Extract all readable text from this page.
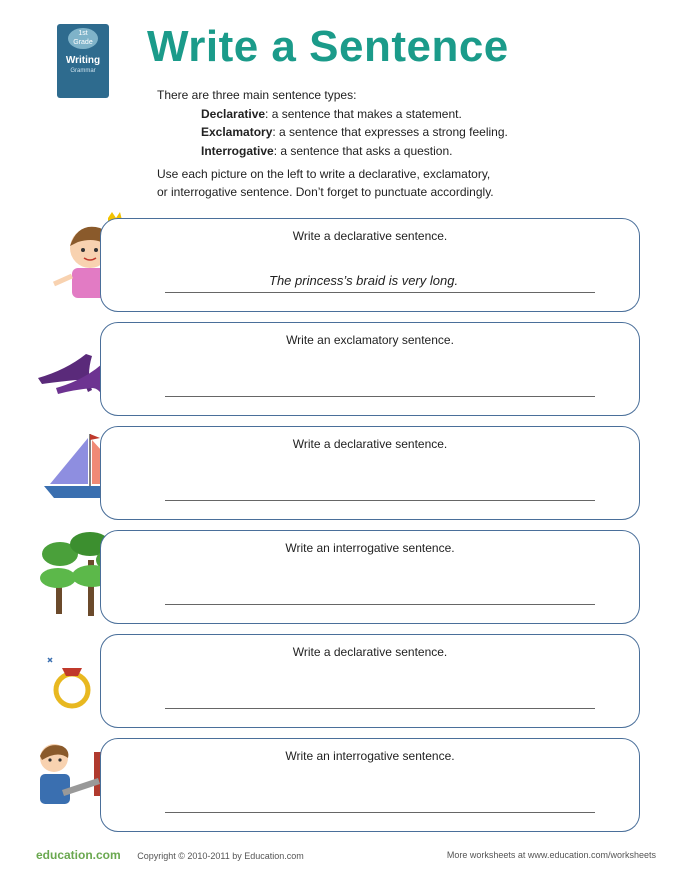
1st Grade
Writing
Grammar	Write a Sentence
There are three main sentence types:
Declarative: a sentence that makes a statement.
Exclamatory: a sentence that expresses a strong feeling.
Interrogative: a sentence that asks a question.
Use each picture on the left to write a declarative, exclamatory,
or interrogative sentence. Don’t forget to punctuate accordingly.
Write a declarative sentence.
The princess’s braid is very long.
Write an exclamatory sentence.
Write a declarative sentence.
Write an interrogative sentence.
Write a declarative sentence.
Write an interrogative sentence.
education.com Copyright © 2010-2011 by Education.com	More worksheets at www.education.com/worksheets
